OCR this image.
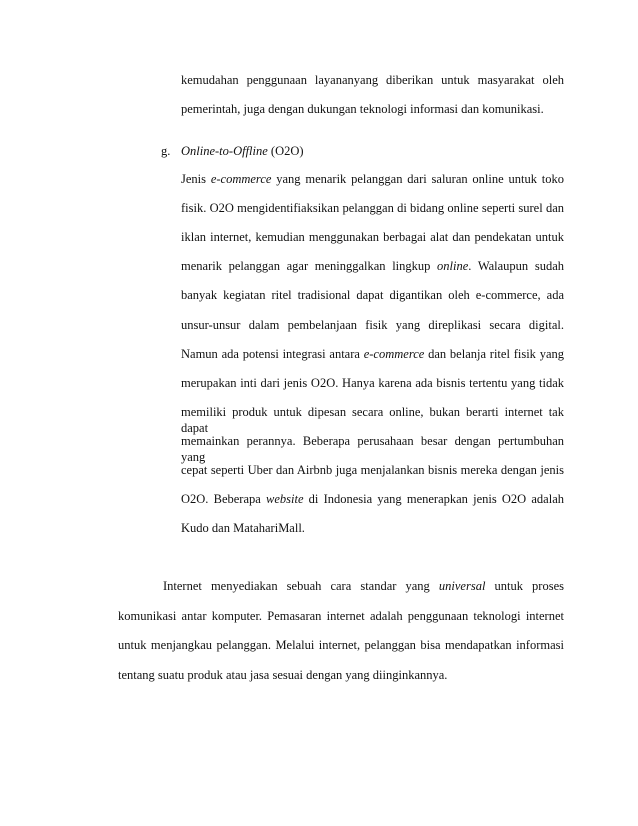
kemudahan penggunaan layananyang diberikan untuk masyarakat oleh
pemerintah, juga dengan dukungan teknologi informasi dan komunikasi.
g. Online-to-Offline (O2O)
Jenis e-commerce yang menarik pelanggan dari saluran online untuk toko
fisik. O2O mengidentifiaksikan pelanggan di bidang online seperti surel dan
iklan internet, kemudian menggunakan berbagai alat dan pendekatan untuk
menarik pelanggan agar meninggalkan lingkup online. Walaupun sudah
banyak kegiatan ritel tradisional dapat digantikan oleh e-commerce, ada
unsur-unsur dalam pembelanjaan fisik yang direplikasi secara digital.
Namun ada potensi integrasi antara e-commerce dan belanja ritel fisik yang
merupakan inti dari jenis O2O. Hanya karena ada bisnis tertentu yang tidak
memiliki produk untuk dipesan secara online, bukan berarti internet tak dapat
memainkan perannya. Beberapa perusahaan besar dengan pertumbuhan yang
cepat seperti Uber dan Airbnb juga menjalankan bisnis mereka dengan jenis
O2O. Beberapa website di Indonesia yang menerapkan jenis O2O adalah
Kudo dan MatahariMall.
Internet menyediakan sebuah cara standar yang universal untuk proses
komunikasi antar komputer. Pemasaran internet adalah penggunaan teknologi internet
untuk menjangkau pelanggan. Melalui internet, pelanggan bisa mendapatkan informasi
tentang suatu produk atau jasa sesuai dengan yang diinginkannya.
